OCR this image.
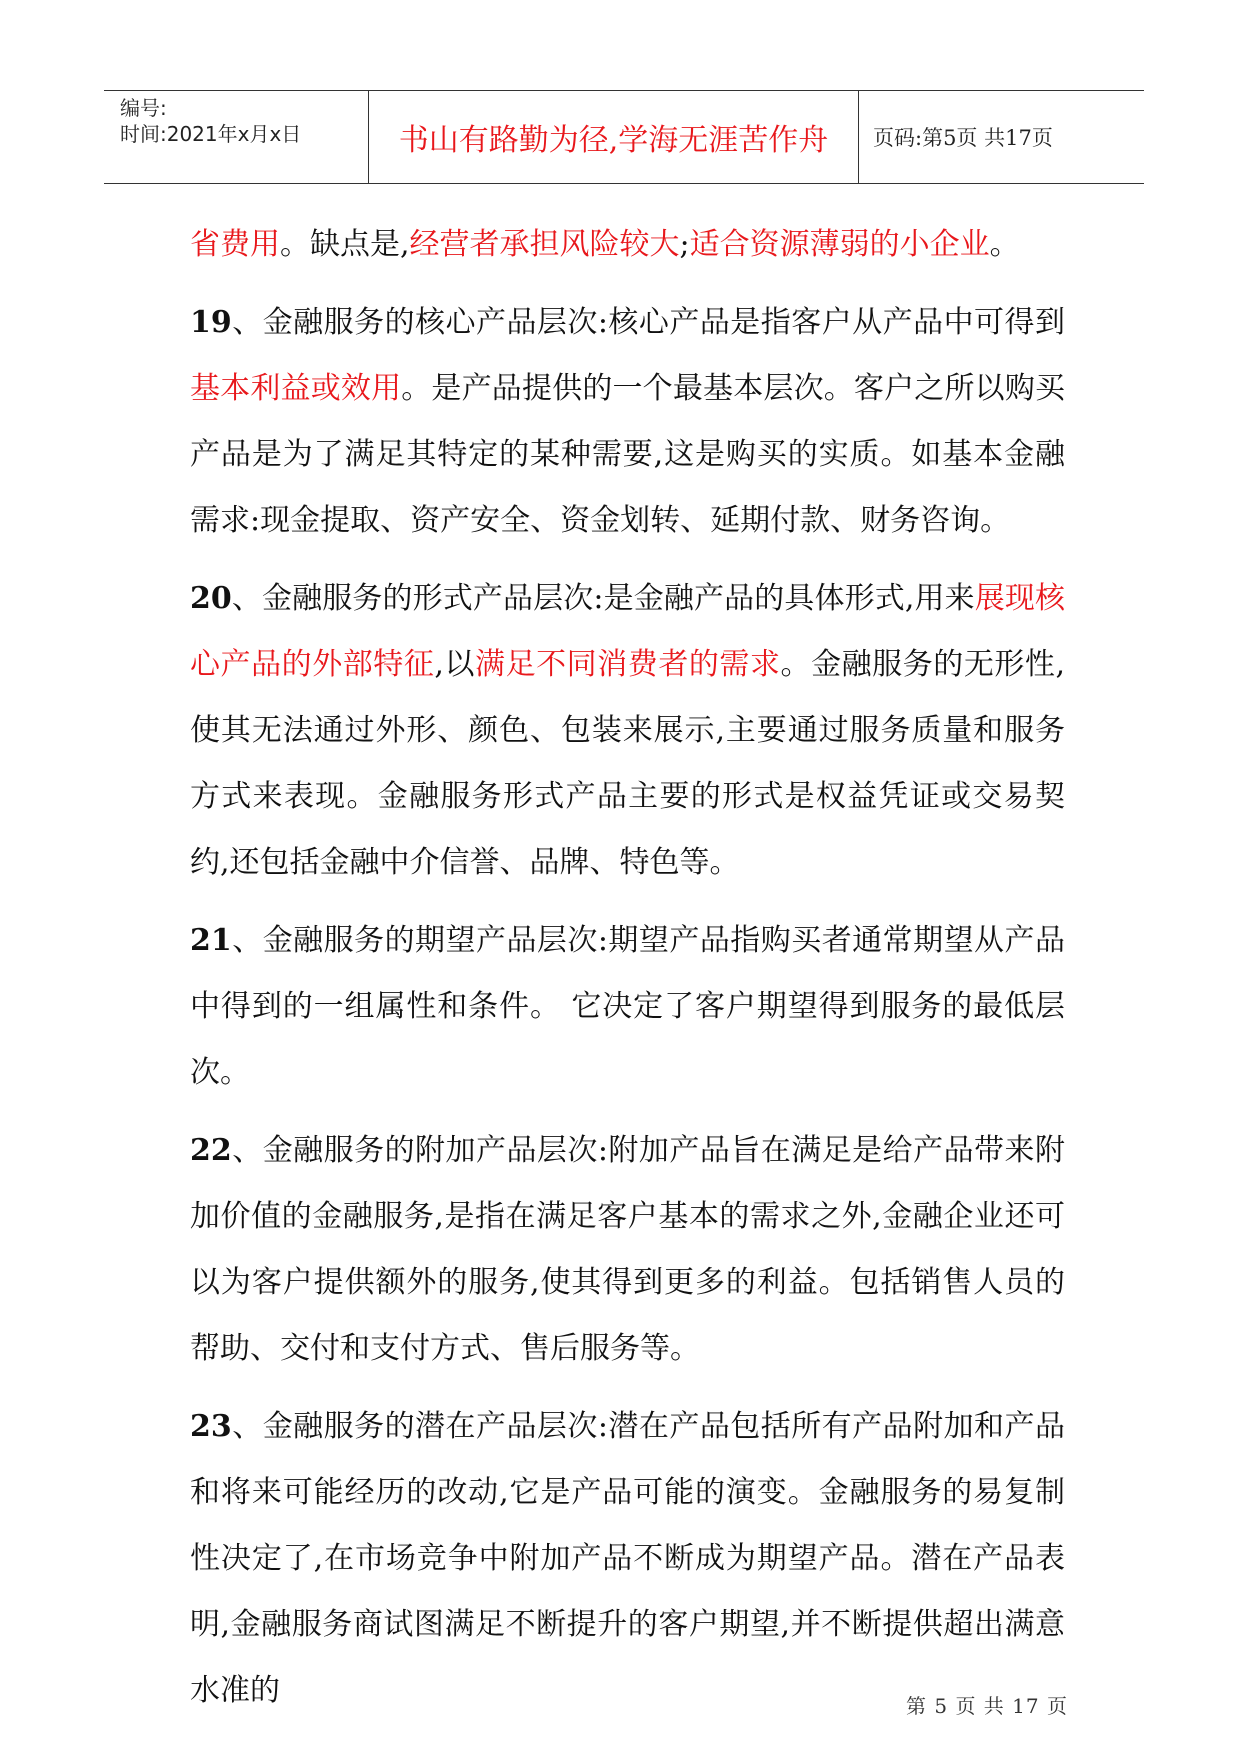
编号:
时间:2021年x月x日	书山有路勤为径,学海无涯苦作舟	页码:第5页 共17页

省费用。缺点是,经营者承担风险较大;适合资源薄弱的小企业。

19、金融服务的核心产品层次:核心产品是指客户从产品中可得到基本利益或效用。是产品提供的一个最基本层次。客户之所以购买产品是为了满足其特定的某种需要,这是购买的实质。如基本金融需求:现金提取、资产安全、资金划转、延期付款、财务咨询。

20、金融服务的形式产品层次:是金融产品的具体形式,用来展现核心产品的外部特征,以满足不同消费者的需求。金融服务的无形性,使其无法通过外形、颜色、包装来展示,主要通过服务质量和服务方式来表现。金融服务形式产品主要的形式是权益凭证或交易契约,还包括金融中介信誉、品牌、特色等。

21、金融服务的期望产品层次:期望产品指购买者通常期望从产品中得到的一组属性和条件。 它决定了客户期望得到服务的最低层次。

22、金融服务的附加产品层次:附加产品旨在满足是给产品带来附加价值的金融服务,是指在满足客户基本的需求之外,金融企业还可以为客户提供额外的服务,使其得到更多的利益。包括销售人员的帮助、交付和支付方式、售后服务等。

23、金融服务的潜在产品层次:潜在产品包括所有产品附加和产品和将来可能经历的改动,它是产品可能的演变。金融服务的易复制性决定了,在市场竞争中附加产品不断成为期望产品。潜在产品表明,金融服务商试图满足不断提升的客户期望,并不断提供超出满意水准的	第 5 页 共 17 页
